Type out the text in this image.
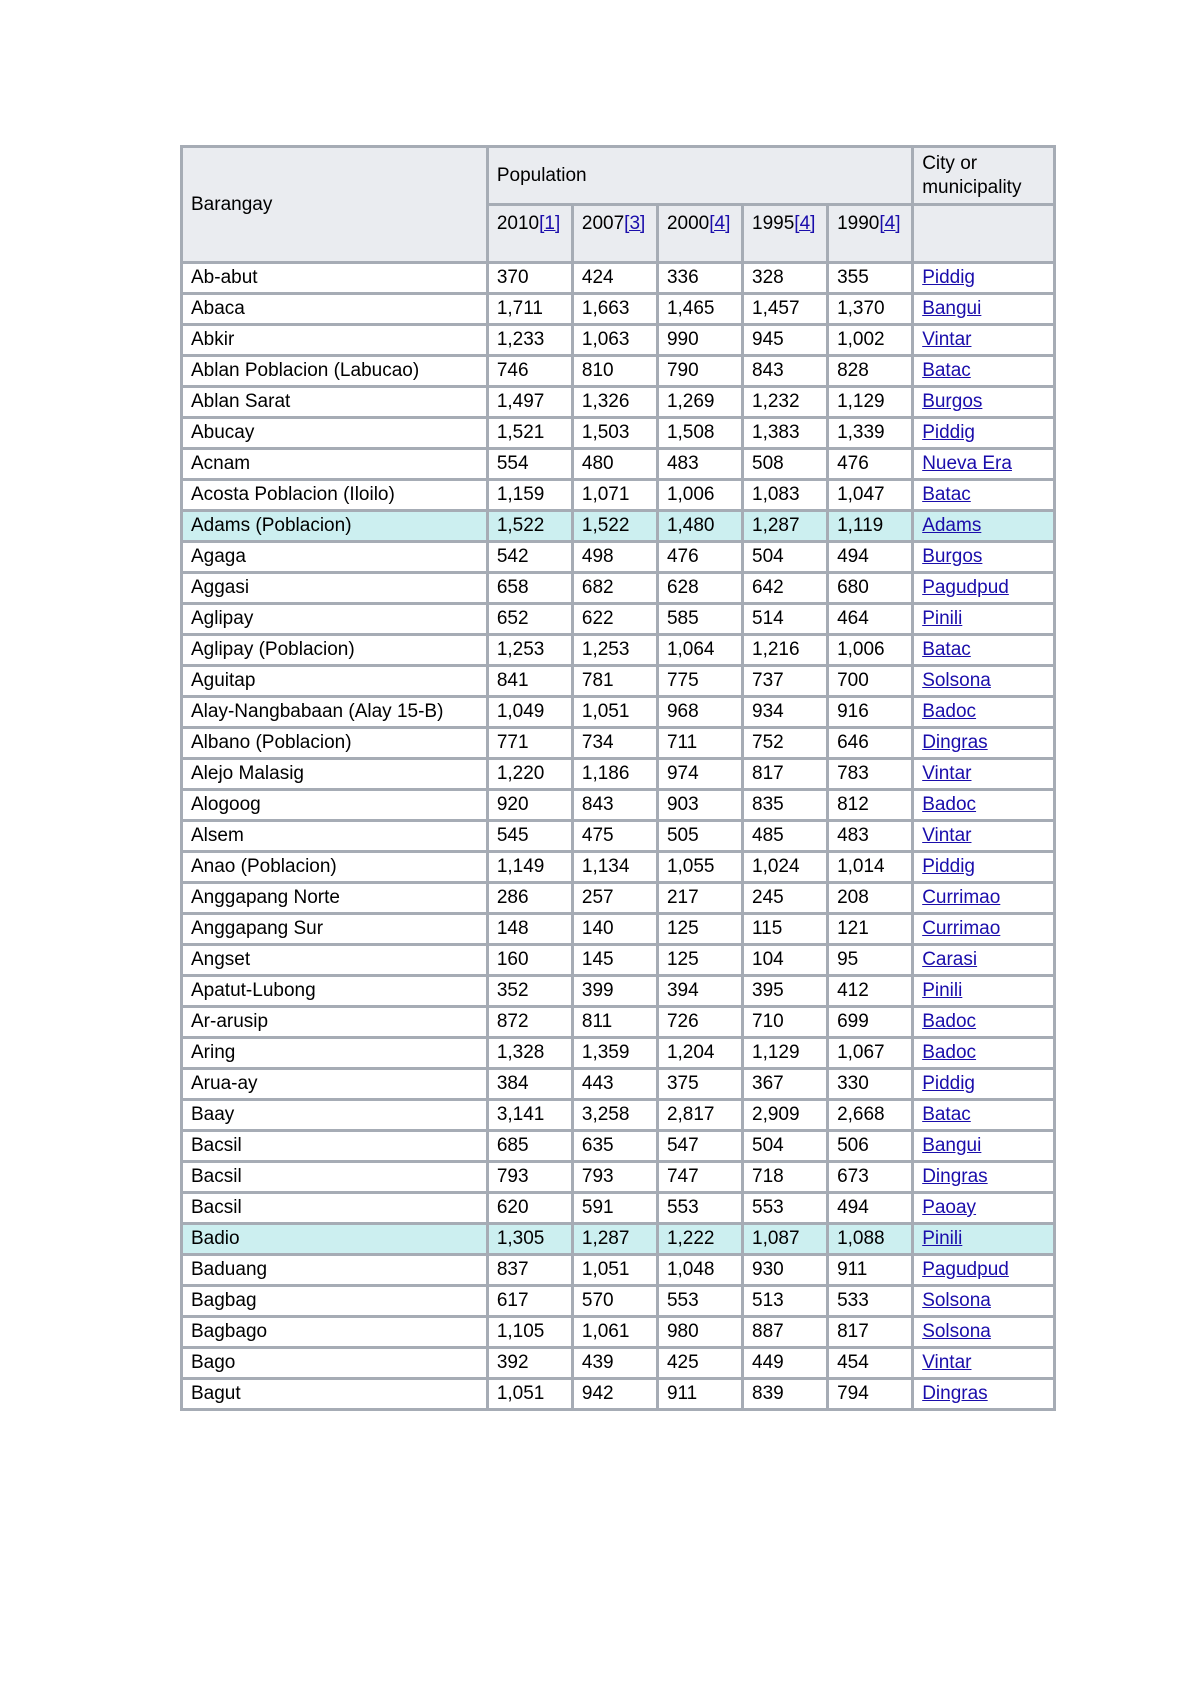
Barangay	Population					City or municipality
	2010[1]	2007[3]	2000[4]	1995[4]	1990[4]	
Ab-abut	370	424	336	328	355	Piddig
Abaca	1,711	1,663	1,465	1,457	1,370	Bangui
Abkir	1,233	1,063	990	945	1,002	Vintar
Ablan Poblacion (Labucao)	746	810	790	843	828	Batac
Ablan Sarat	1,497	1,326	1,269	1,232	1,129	Burgos
Abucay	1,521	1,503	1,508	1,383	1,339	Piddig
Acnam	554	480	483	508	476	Nueva Era
Acosta Poblacion (Iloilo)	1,159	1,071	1,006	1,083	1,047	Batac
Adams (Poblacion)	1,522	1,522	1,480	1,287	1,119	Adams
Agaga	542	498	476	504	494	Burgos
Aggasi	658	682	628	642	680	Pagudpud
Aglipay	652	622	585	514	464	Pinili
Aglipay (Poblacion)	1,253	1,253	1,064	1,216	1,006	Batac
Aguitap	841	781	775	737	700	Solsona
Alay-Nangbabaan (Alay 15-B)	1,049	1,051	968	934	916	Badoc
Albano (Poblacion)	771	734	711	752	646	Dingras
Alejo Malasig	1,220	1,186	974	817	783	Vintar
Alogoog	920	843	903	835	812	Badoc
Alsem	545	475	505	485	483	Vintar
Anao (Poblacion)	1,149	1,134	1,055	1,024	1,014	Piddig
Anggapang Norte	286	257	217	245	208	Currimao
Anggapang Sur	148	140	125	115	121	Currimao
Angset	160	145	125	104	95	Carasi
Apatut-Lubong	352	399	394	395	412	Pinili
Ar-arusip	872	811	726	710	699	Badoc
Aring	1,328	1,359	1,204	1,129	1,067	Badoc
Arua-ay	384	443	375	367	330	Piddig
Baay	3,141	3,258	2,817	2,909	2,668	Batac
Bacsil	685	635	547	504	506	Bangui
Bacsil	793	793	747	718	673	Dingras
Bacsil	620	591	553	553	494	Paoay
Badio	1,305	1,287	1,222	1,087	1,088	Pinili
Baduang	837	1,051	1,048	930	911	Pagudpud
Bagbag	617	570	553	513	533	Solsona
Bagbago	1,105	1,061	980	887	817	Solsona
Bago	392	439	425	449	454	Vintar
Bagut	1,051	942	911	839	794	Dingras
